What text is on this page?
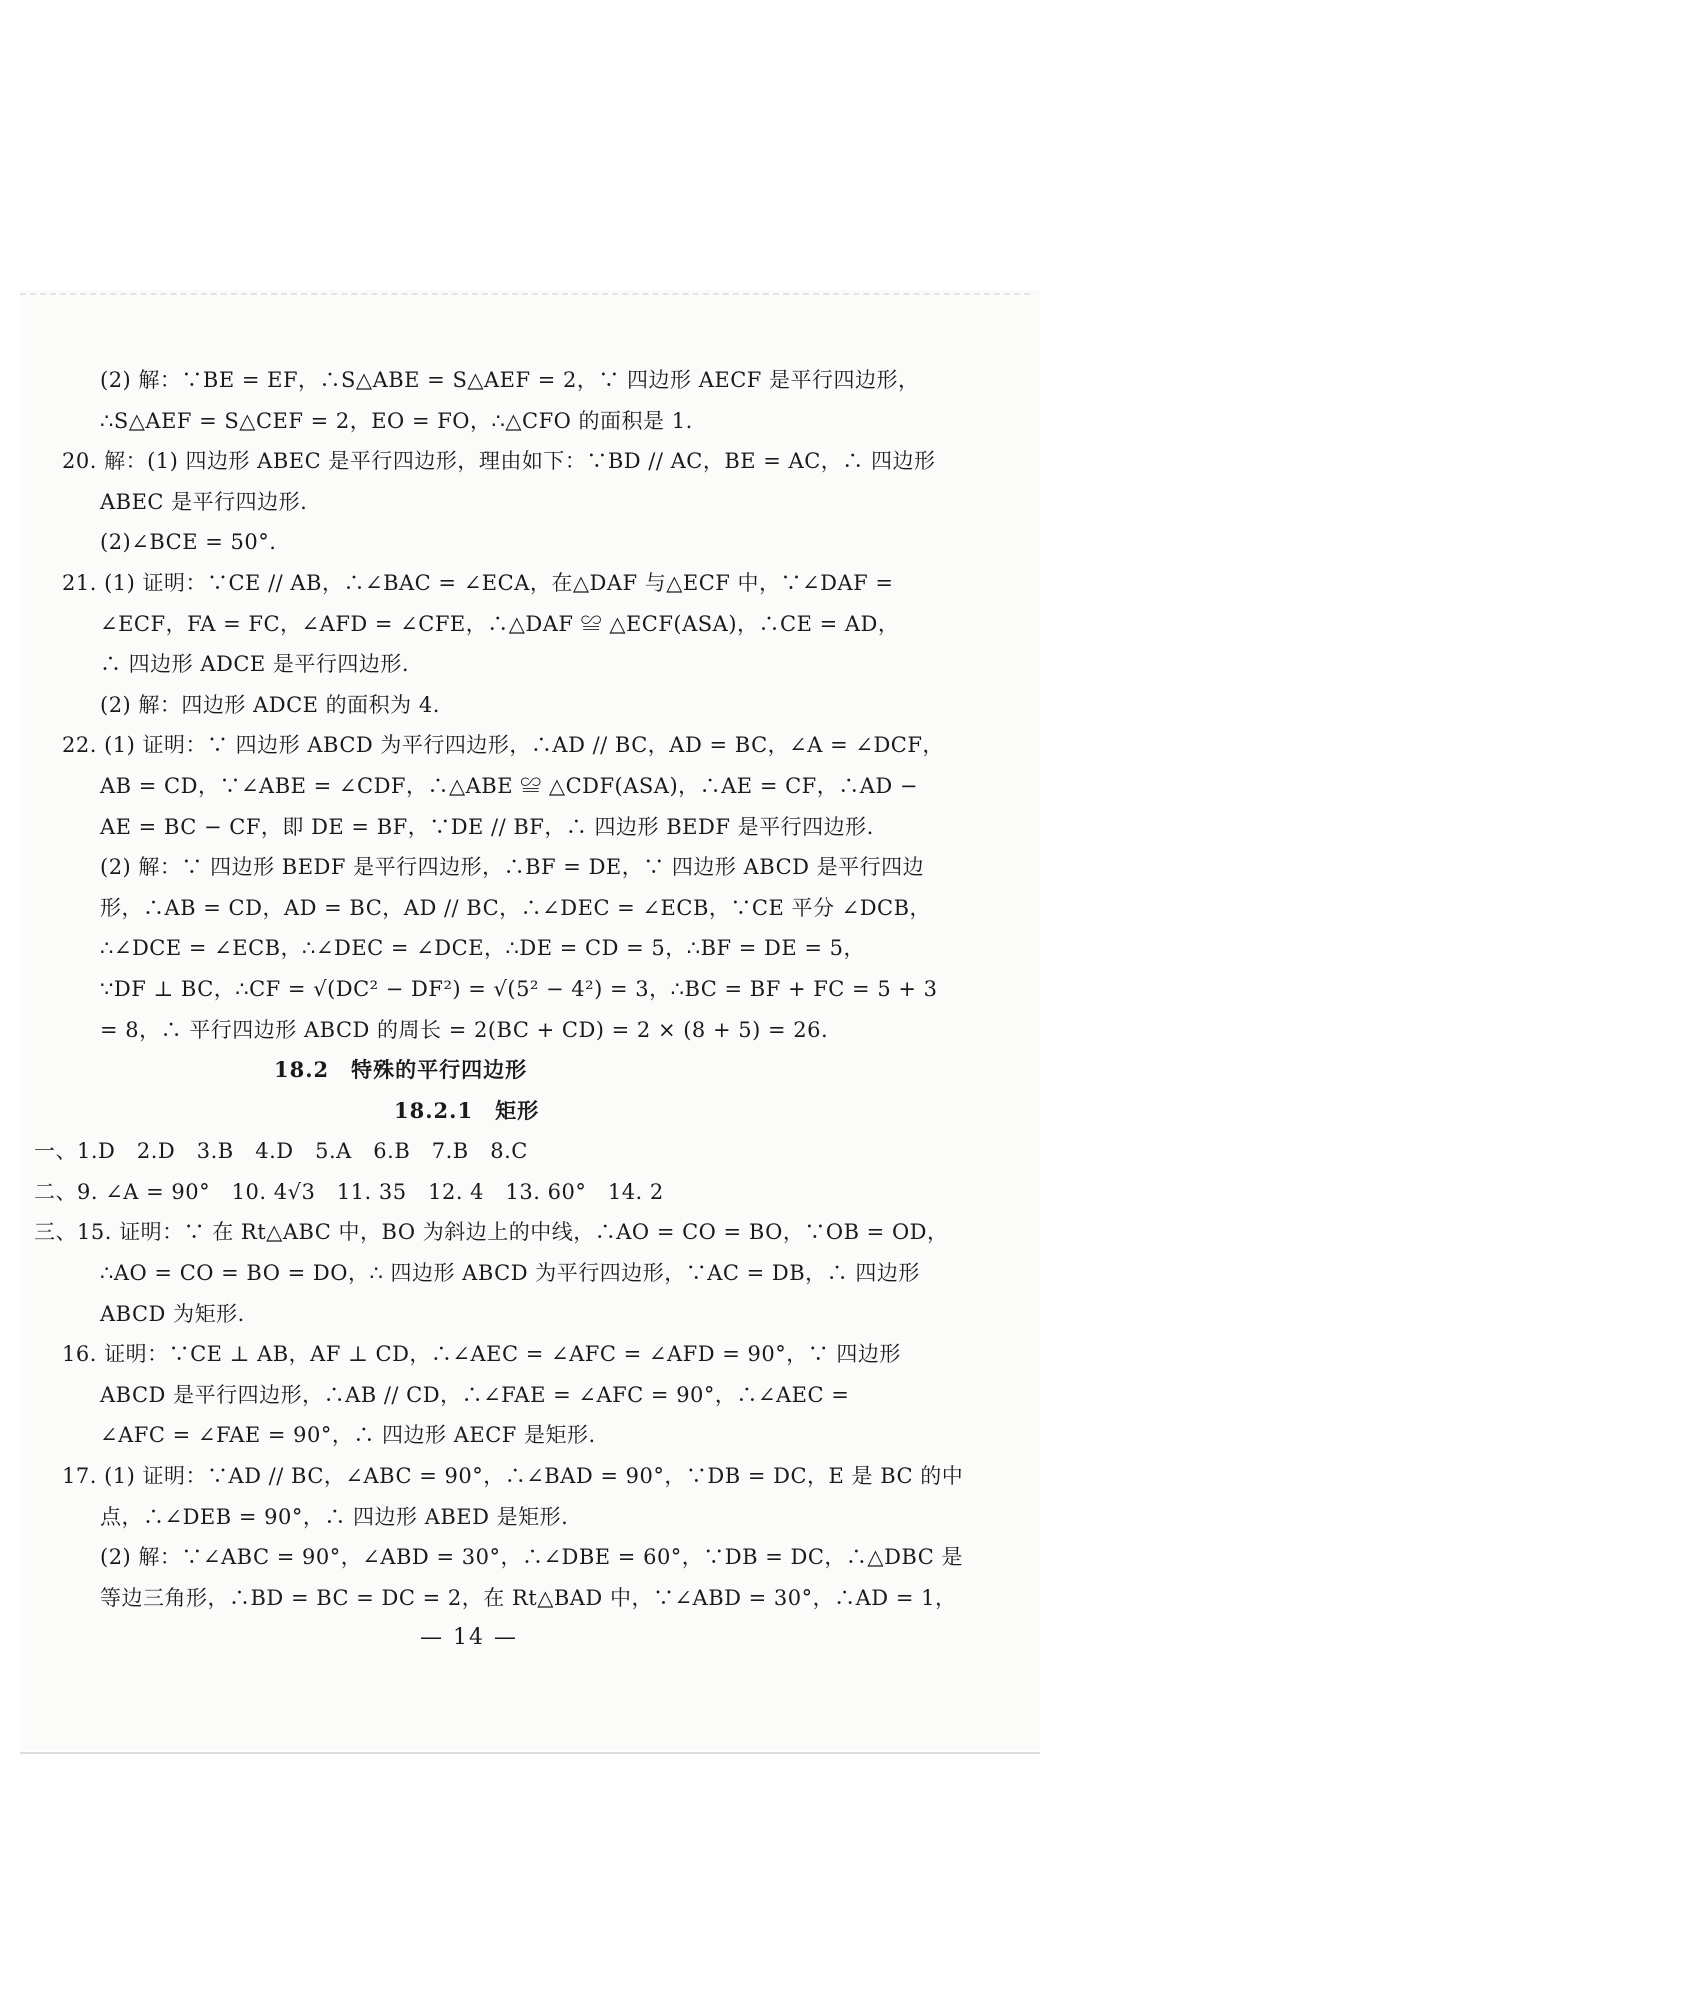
(2) 解：∵BE = EF，∴S△ABE = S△AEF = 2，∵ 四边形 AECF 是平行四边形，
∴S△AEF = S△CEF = 2，EO = FO，∴△CFO 的面积是 1.
20. 解：(1) 四边形 ABEC 是平行四边形，理由如下：∵BD // AC，BE = AC，∴ 四边形
ABEC 是平行四边形.
(2)∠BCE = 50°.
21. (1) 证明：∵CE // AB，∴∠BAC = ∠ECA，在△DAF 与△ECF 中，∵∠DAF =
∠ECF，FA = FC，∠AFD = ∠CFE，∴△DAF ≌ △ECF(ASA)，∴CE = AD，
∴ 四边形 ADCE 是平行四边形.
(2) 解：四边形 ADCE 的面积为 4.
22. (1) 证明：∵ 四边形 ABCD 为平行四边形，∴AD // BC，AD = BC，∠A = ∠DCF，
AB = CD，∵∠ABE = ∠CDF，∴△ABE ≌ △CDF(ASA)，∴AE = CF，∴AD −
AE = BC − CF，即 DE = BF，∵DE // BF，∴ 四边形 BEDF 是平行四边形.
(2) 解：∵ 四边形 BEDF 是平行四边形，∴BF = DE，∵ 四边形 ABCD 是平行四边
形，∴AB = CD，AD = BC，AD // BC，∴∠DEC = ∠ECB，∵CE 平分 ∠DCB，
∴∠DCE = ∠ECB，∴∠DEC = ∠DCE，∴DE = CD = 5，∴BF = DE = 5，
∵DF ⊥ BC，∴CF = √(DC² − DF²) = √(5² − 4²) = 3，∴BC = BF + FC = 5 + 3
= 8，∴ 平行四边形 ABCD 的周长 = 2(BC + CD) = 2 × (8 + 5) = 26.
18.2　特殊的平行四边形
18.2.1　矩形
一、1.D　2.D　3.B　4.D　5.A　6.B　7.B　8.C
二、9. ∠A = 90°　10. 4√3　11. 35　12. 4　13. 60°　14. 2
三、15. 证明：∵ 在 Rt△ABC 中，BO 为斜边上的中线，∴AO = CO = BO，∵OB = OD，
∴AO = CO = BO = DO，∴ 四边形 ABCD 为平行四边形，∵AC = DB，∴ 四边形
ABCD 为矩形.
16. 证明：∵CE ⊥ AB，AF ⊥ CD，∴∠AEC = ∠AFC = ∠AFD = 90°，∵ 四边形
ABCD 是平行四边形，∴AB // CD，∴∠FAE = ∠AFC = 90°，∴∠AEC =
∠AFC = ∠FAE = 90°，∴ 四边形 AECF 是矩形.
17. (1) 证明：∵AD // BC，∠ABC = 90°，∴∠BAD = 90°，∵DB = DC，E 是 BC 的中
点，∴∠DEB = 90°，∴ 四边形 ABED 是矩形.
(2) 解：∵∠ABC = 90°，∠ABD = 30°，∴∠DBE = 60°，∵DB = DC，∴△DBC 是
等边三角形，∴BD = BC = DC = 2，在 Rt△BAD 中，∵∠ABD = 30°，∴AD = 1，
— 14 —
